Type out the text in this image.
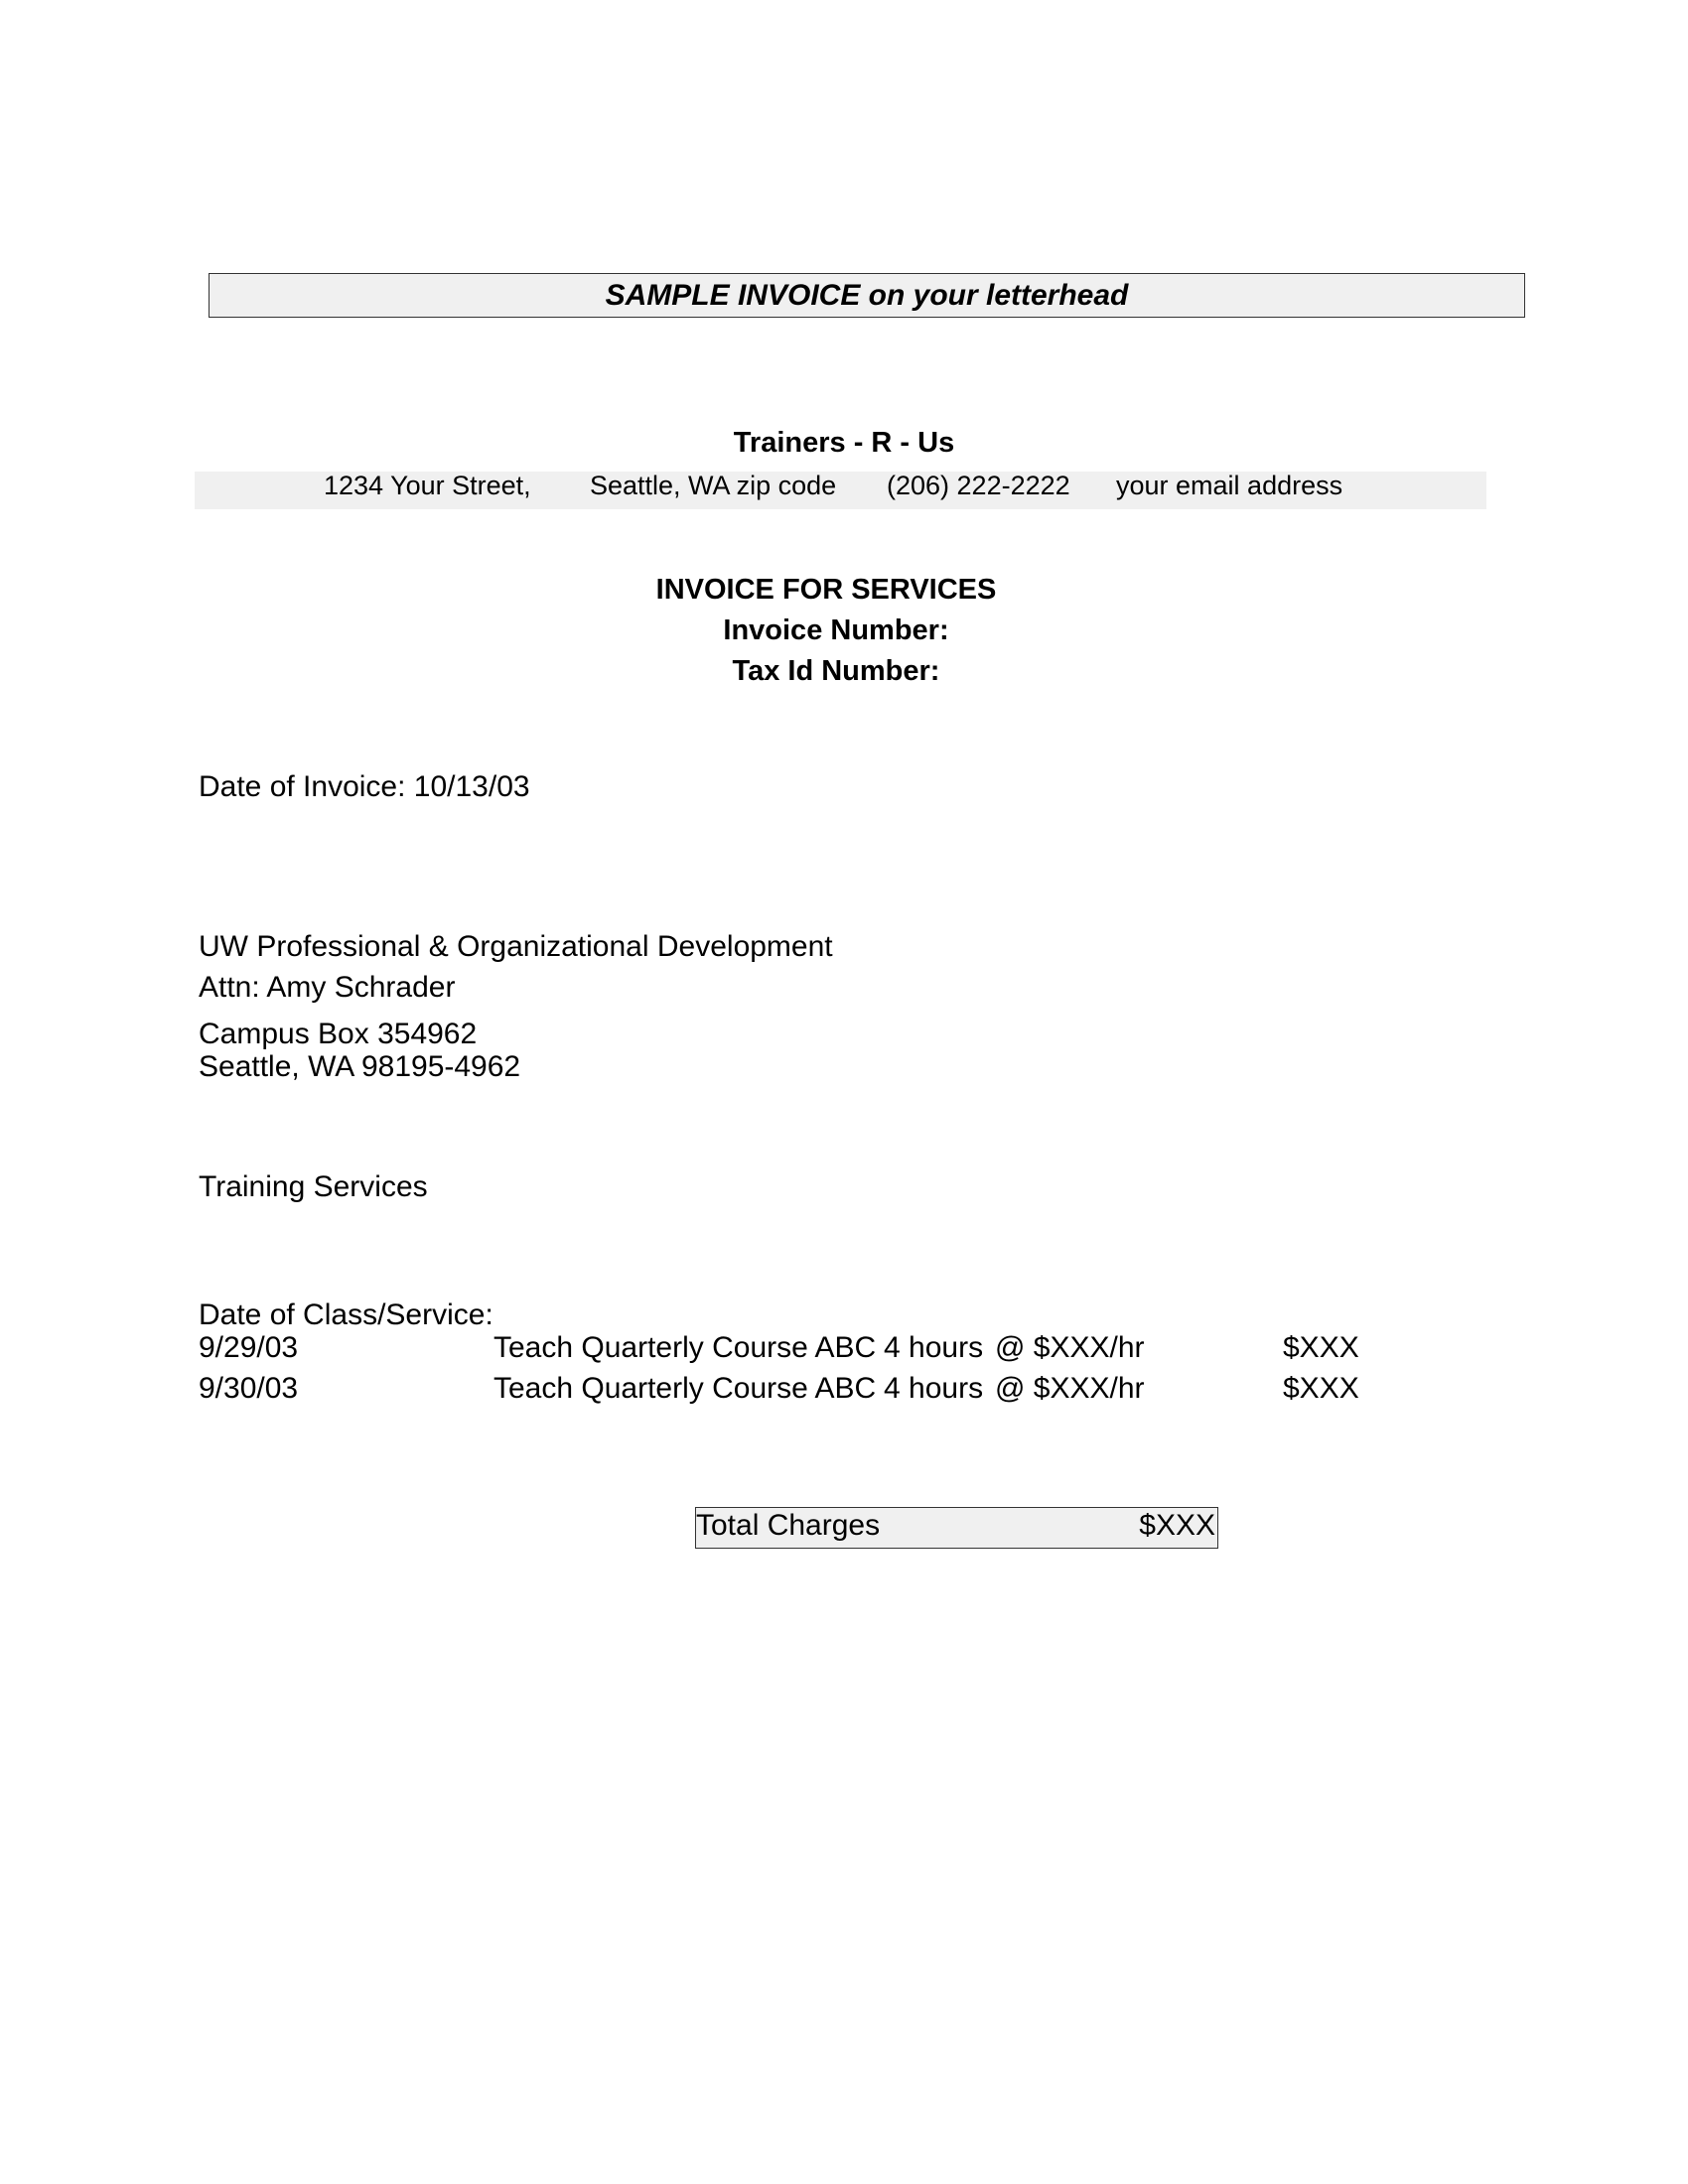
SAMPLE INVOICE on your letterhead
Trainers - R - Us
1234 Your Street, Seattle, WA zip code (206) 222-2222 your email address
INVOICE FOR SERVICES
Invoice Number:
Tax Id Number:
Date of Invoice: 10/13/03
UW Professional & Organizational Development
Attn: Amy Schrader
Campus Box 354962
Seattle, WA 98195-4962
Training Services
Date of Class/Service:
9/29/03	Teach Quarterly Course ABC 4 hours @ $XXX/hr	$XXX
9/30/03	Teach Quarterly Course ABC 4 hours @ $XXX/hr	$XXX
Total Charges	$XXX
